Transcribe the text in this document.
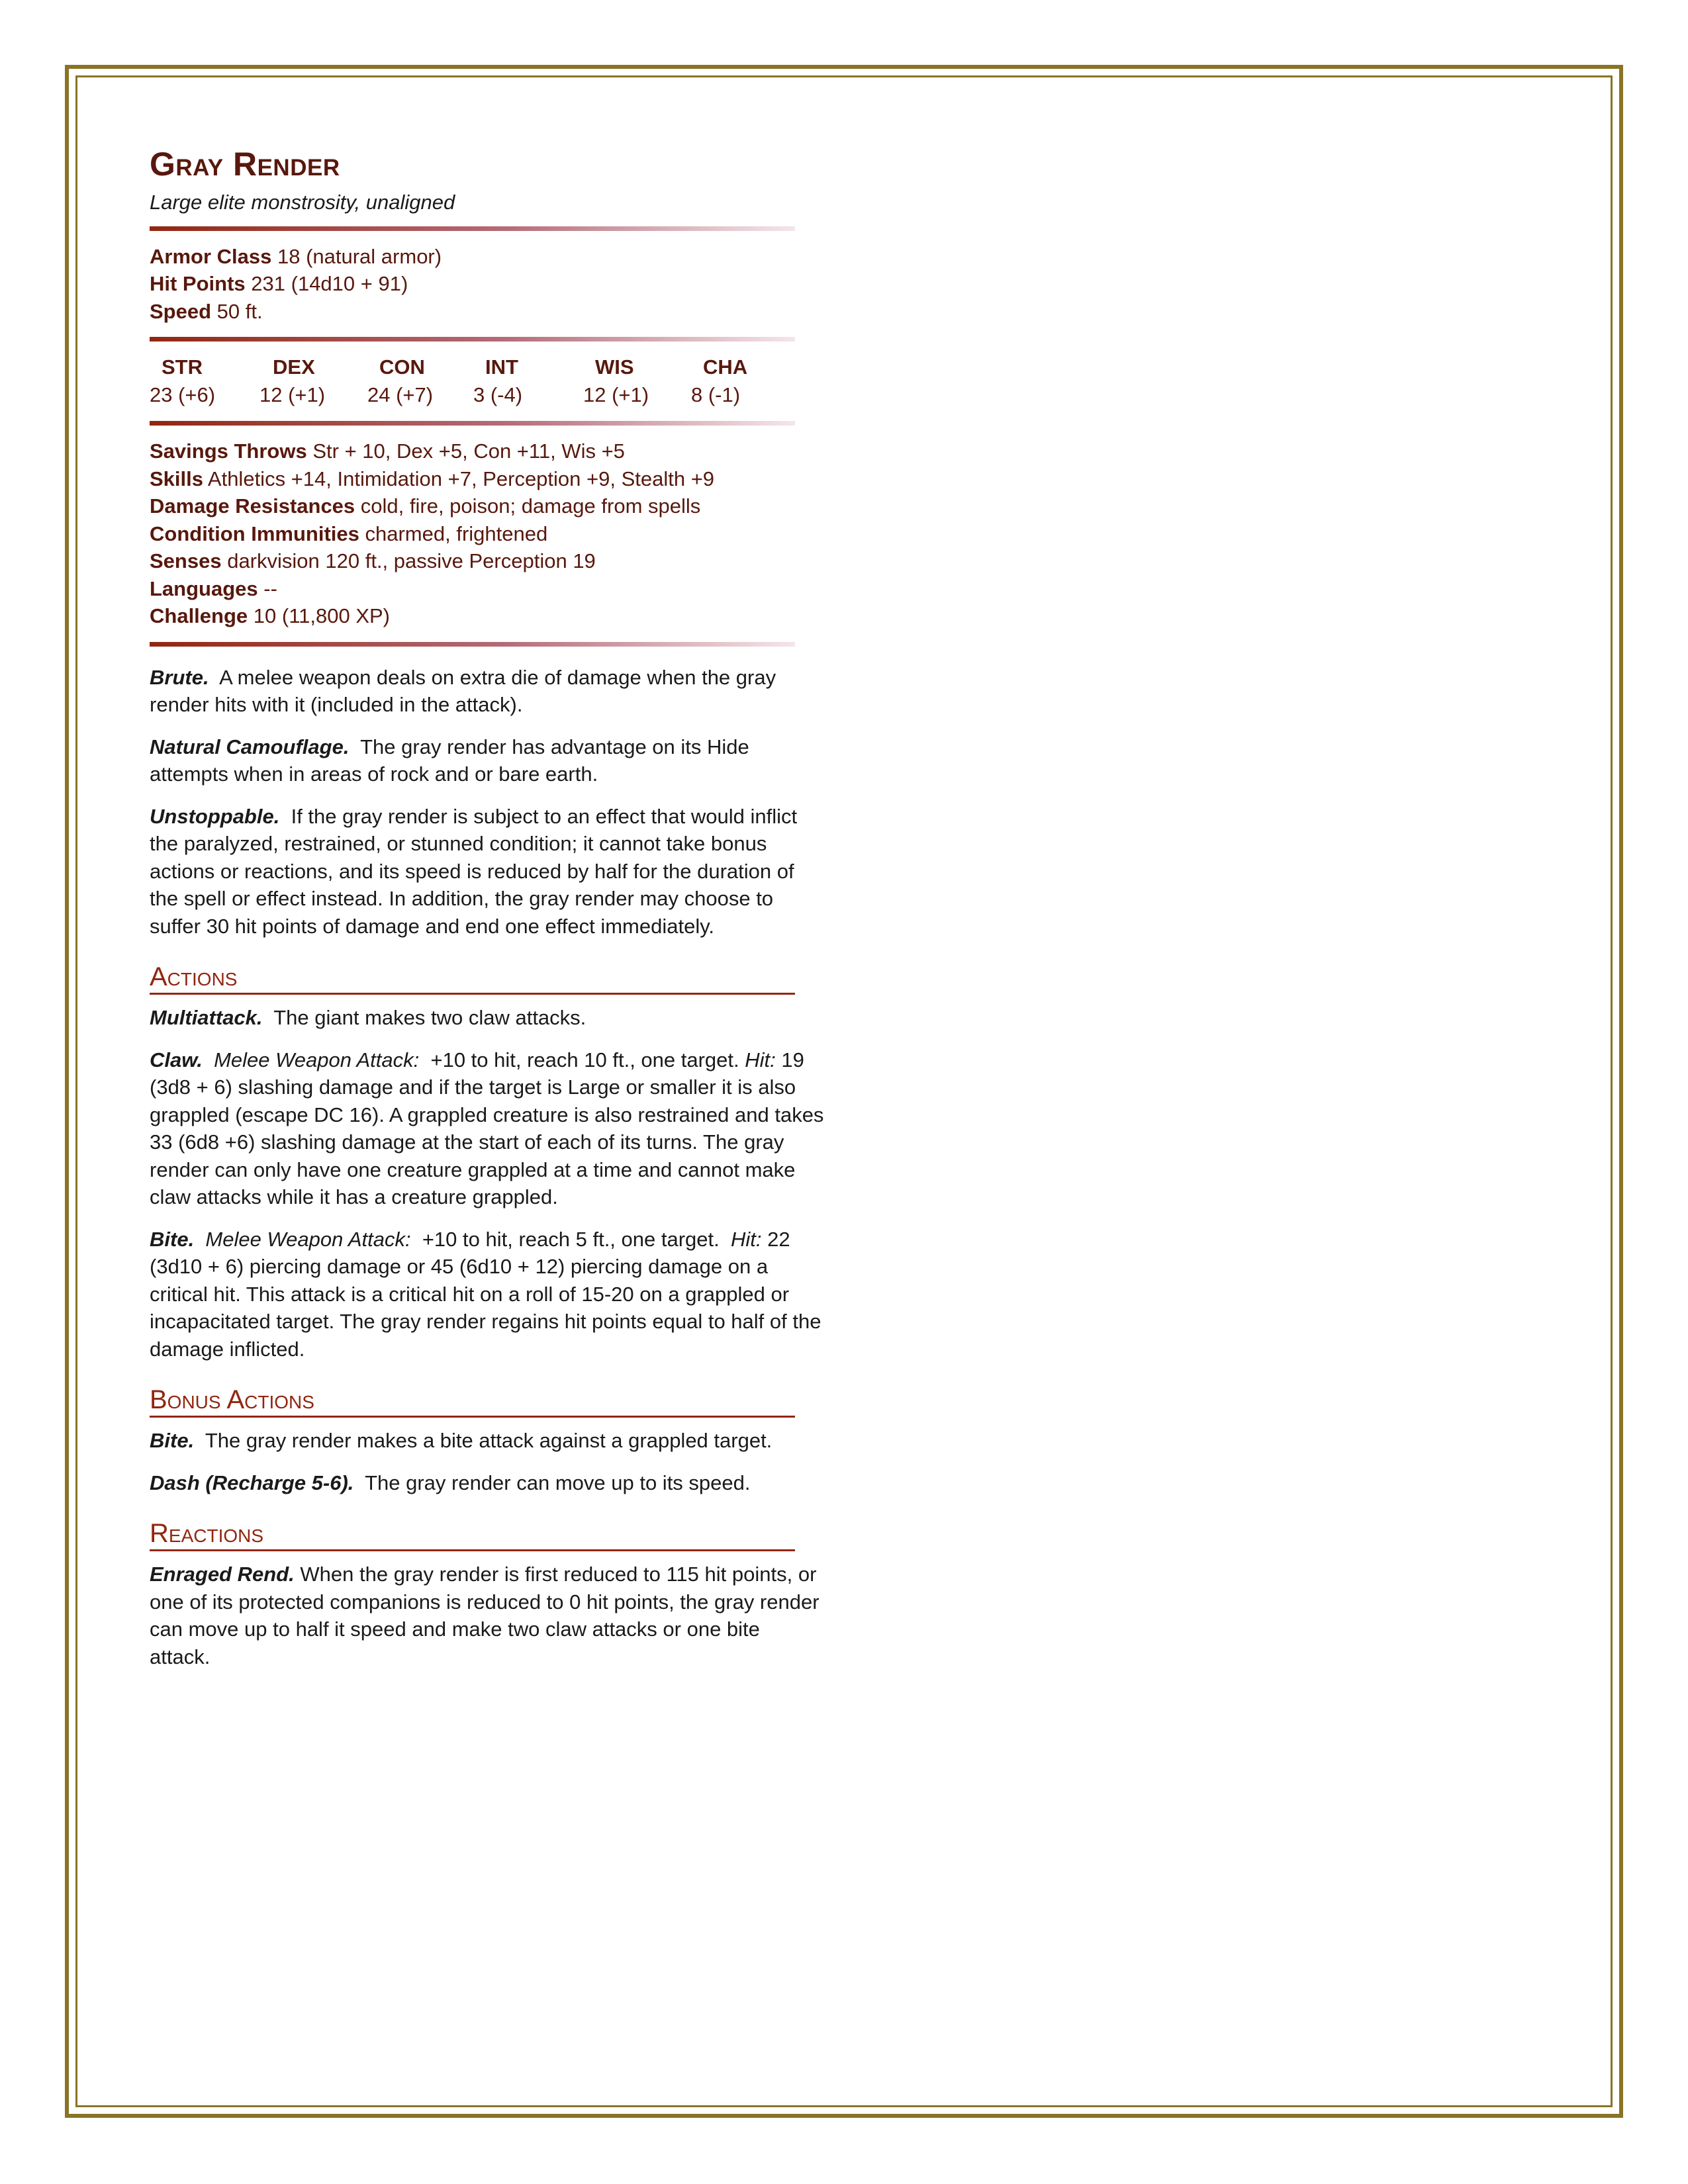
Gray Render
Large elite monstrosity, unaligned
Armor Class 18 (natural armor)
Hit Points 231 (14d10 + 91)
Speed 50 ft.
STR	DEX	CON	INT	WIS	CHA
23 (+6)	12 (+1)	24 (+7)	3 (-4)	12 (+1)	8 (-1)
Savings Throws Str + 10, Dex +5, Con +11, Wis +5
Skills Athletics +14, Intimidation +7, Perception +9, Stealth +9
Damage Resistances cold, fire, poison; damage from spells
Condition Immunities charmed, frightened
Senses darkvision 120 ft., passive Perception 19
Languages --
Challenge 10 (11,800 XP)

Brute. A melee weapon deals on extra die of damage when the gray render hits with it (included in the attack).

Natural Camouflage. The gray render has advantage on its Hide attempts when in areas of rock and or bare earth.

Unstoppable. If the gray render is subject to an effect that would inflict the paralyzed, restrained, or stunned condition; it cannot take bonus actions or reactions, and its speed is reduced by half for the duration of the spell or effect instead. In addition, the gray render may choose to suffer 30 hit points of damage and end one effect immediately.

Actions

Multiattack. The giant makes two claw attacks.

Claw. Melee Weapon Attack: +10 to hit, reach 10 ft., one target. Hit: 19 (3d8 + 6) slashing damage and if the target is Large or smaller it is also grappled (escape DC 16). A grappled creature is also restrained and takes 33 (6d8 +6) slashing damage at the start of each of its turns. The gray render can only have one creature grappled at a time and cannot make claw attacks while it has a creature grappled.

Bite. Melee Weapon Attack: +10 to hit, reach 5 ft., one target. Hit: 22 (3d10 + 6) piercing damage or 45 (6d10 + 12) piercing damage on a critical hit. This attack is a critical hit on a roll of 15-20 on a grappled or incapacitated target. The gray render regains hit points equal to half of the damage inflicted.

Bonus Actions

Bite. The gray render makes a bite attack against a grappled target.

Dash (Recharge 5-6). The gray render can move up to its speed.

Reactions

Enraged Rend. When the gray render is first reduced to 115 hit points, or one of its protected companions is reduced to 0 hit points, the gray render can move up to half it speed and make two claw attacks or one bite attack.
